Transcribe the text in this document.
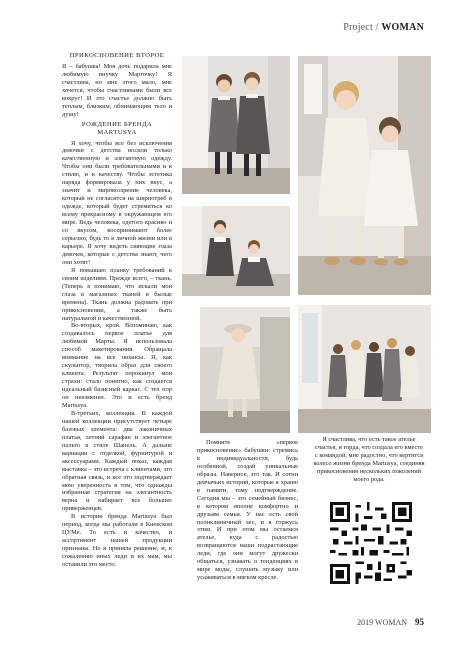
Project / WOMAN
ПРИКОСНОВЕНИЕ ВТОРОЕ

Я – бабушка! Моя дочь подарила мне любимую внучку Марточку! Я счастлива, но мне этого мало, мне хочется, чтобы счастливыми были все вокруг! И это счастье должно быть теплым, близким, обнимающим тело и душу!

РОЖДЕНИЕ БРЕНДА MARTUSYA

Я хочу, чтобы все без исключения девочки с детства носили только качественную и элегантную одежду. Чтобы они были требовательными и к стилю, и к качеству. Чтобы эстетика наряда формировала у них вкус, а значит и мировоззрение человека, который не согласится на ширпотреб в одежде, который будет стремиться ко всему прекрасному в окружающем его мире. Ведь человека, одетого красиво и со вкусом, воспринимают более серьезно, будь то в личной жизни или в карьере. Я хочу видеть сияющие глаза девочек, которые с детства знают, чего они хотят!

Я повышаю планку требований к своим изделиям. Прежде всего, – ткань. (Теперь я понимаю, что искали мои глаза в магазинах тканей в былые времена). Ткань должна радовать при прикосновении, а также быть натуральной и качественной.

Во-вторых, крой. Вспоминаю, как создавалось первое платье для любимой Марты. Я использовала способ макетирования. Обращала внимание на все нюансы. Я, как скульптор, творила образ для своего клиента. Результат опрокинул мои страхи: стало понятно, как создается идеальный базисный каркас. С тех пор он неизменен. Это и есть бренд Martusya.

В-третьих, коллекция. В каждой нашей коллекции присутствует четыре базовых элемента: два лаконичных платья, летний сарафан и элегантное пальто в стиле Шанель. А дальше вариации с отделкой, фурнитурой и аксессуарами. Каждый показ, каждая выставка – это встреча с клиентами, это обратная связь, и все это подтверждает мою уверенность в том, что однажды избранная стратегия на элегантность верна и набирает все большее приверженцев.

В истории бренда Martusya был период, когда мы работали в Киевском ЦУМе. То есть и качество, и ассортимент нашей продукции признаны. Но я приняла решение, и, к сожалению иных леди и их мам, мы оставили это место.

Помните «первое прикосновение» бабушки: стремись к индивидуальности, будь особенной, создай уникальные образы. Наверное, это так. И сотни девчачьих историй, которые я храню в памяти, тому подтверждение. Сегодня мы – это семейный бизнес, в котором вполне комфортно и друзьям семьи. У нас есть свой поликлиничный лес, и я горжусь этим. И при этом мы остаемся ателье, куда с радостью возвращаются наши подрастающие леди, где они могут дружески общаться, узнавать о тенденциях в мире моды, слушать музыку или усаживаться в мягком кресле.

Я счастлива, что есть такое ателье счастья, и горда, что создала его вместе с командой, мне радостно, что вертится колесо жизни бренда Martusya, соединяя прикосновения нескольких поколений моего рода.

2019 WOMAN 95
